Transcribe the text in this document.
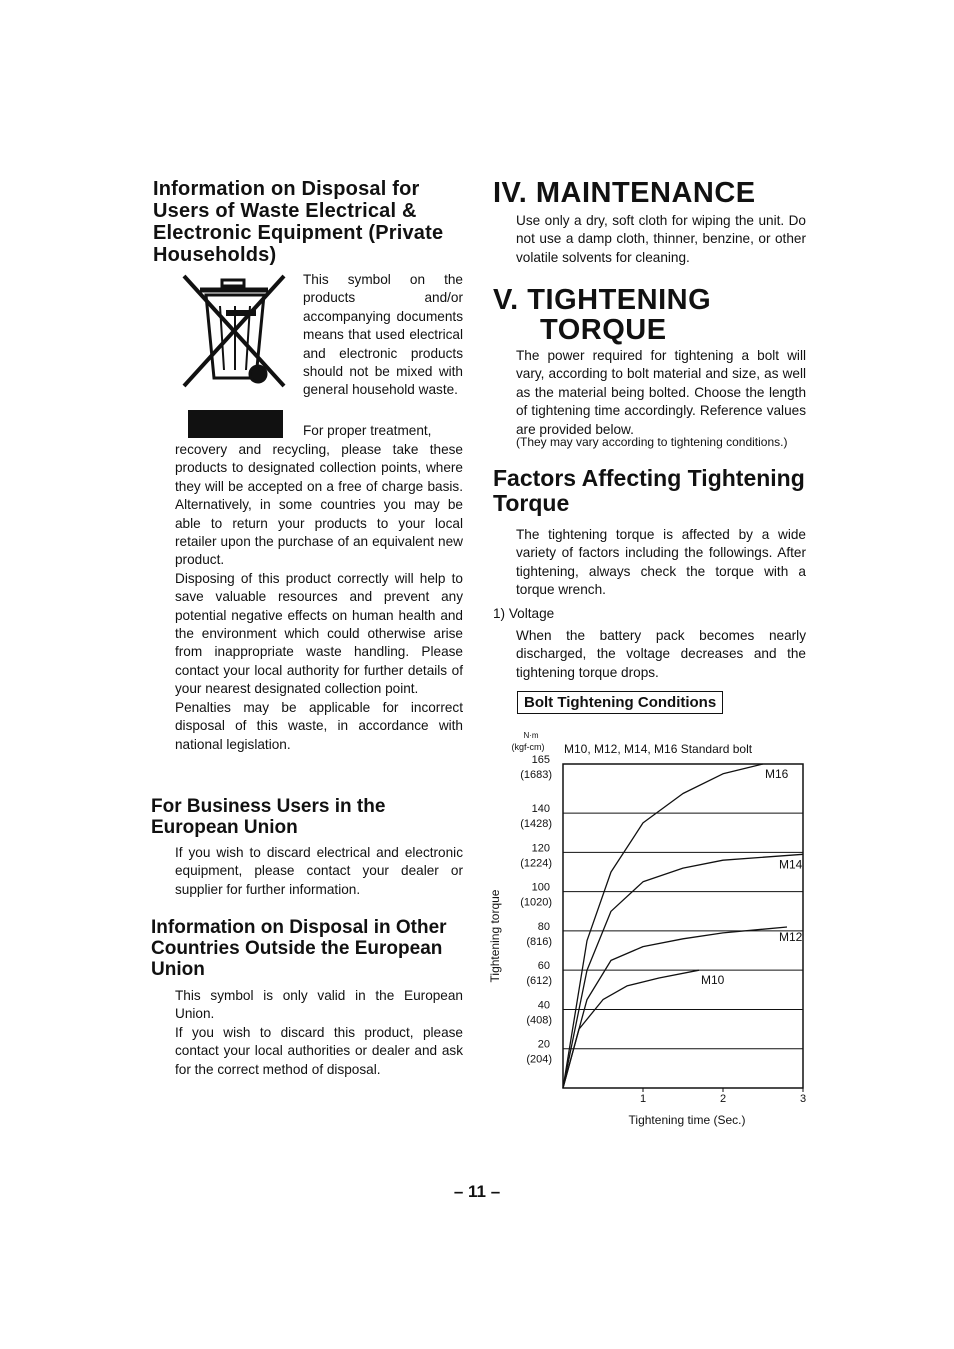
Information on Disposal for Users of Waste Electrical & Electronic Equipment (Private Households)
This symbol on the products and/or accompanying documents means that used electrical and electronic products should not be mixed with general household waste.
For proper treatment,

recovery and recycling, please take these products to designated collection points, where they will be accepted on a free of charge basis. Alternatively, in some countries you may be able to return your products to your local retailer upon the purchase of an equivalent new product.

Disposing of this product correctly will help to save valuable resources and prevent any potential negative effects on human health and the environment which could otherwise arise from inappropriate waste handling. Please contact your local authority for further details of your nearest designated collection point.

Penalties may be applicable for incorrect disposal of this waste, in accordance with national legislation.

For Business Users in the European Union
If you wish to discard electrical and electronic equipment, please contact your dealer or supplier for further information.
Information on Disposal in Other Countries Outside the European Union

This symbol is only valid in the European Union.

If you wish to discard this product, please contact your local authorities or dealer and ask for the correct method of disposal.

IV. MAINTENANCE
Use only a dry, soft cloth for wiping the unit. Do not use a damp cloth, thinner, benzine, or other volatile solvents for cleaning.
V. TIGHTENING
TORQUE
The power required for tightening a bolt will vary, according to bolt material and size, as well as the material being bolted. Choose the length of tightening time accordingly. Reference values are provided below.
(They may vary according to tightening conditions.)
Factors Affecting Tightening Torque
The tightening torque is affected by a wide variety of factors including the followings. After tightening, always check the torque with a torque wrench.
1) Voltage
When the battery pack becomes nearly discharged, the voltage decreases and the tightening torque drops.
Bolt Tightening Conditions
N·m
(kgf-cm) M10, M12, M14, M16 Standard bolt
Tightening torque
Tightening time (Sec.)
165
(1683)
140
(1428)
120
(1224)
100
(1020)
80
(816)
60
(612)
40
(408)
20
(204)
1	2	3
M16
M14
M12
M10
– 11 –
